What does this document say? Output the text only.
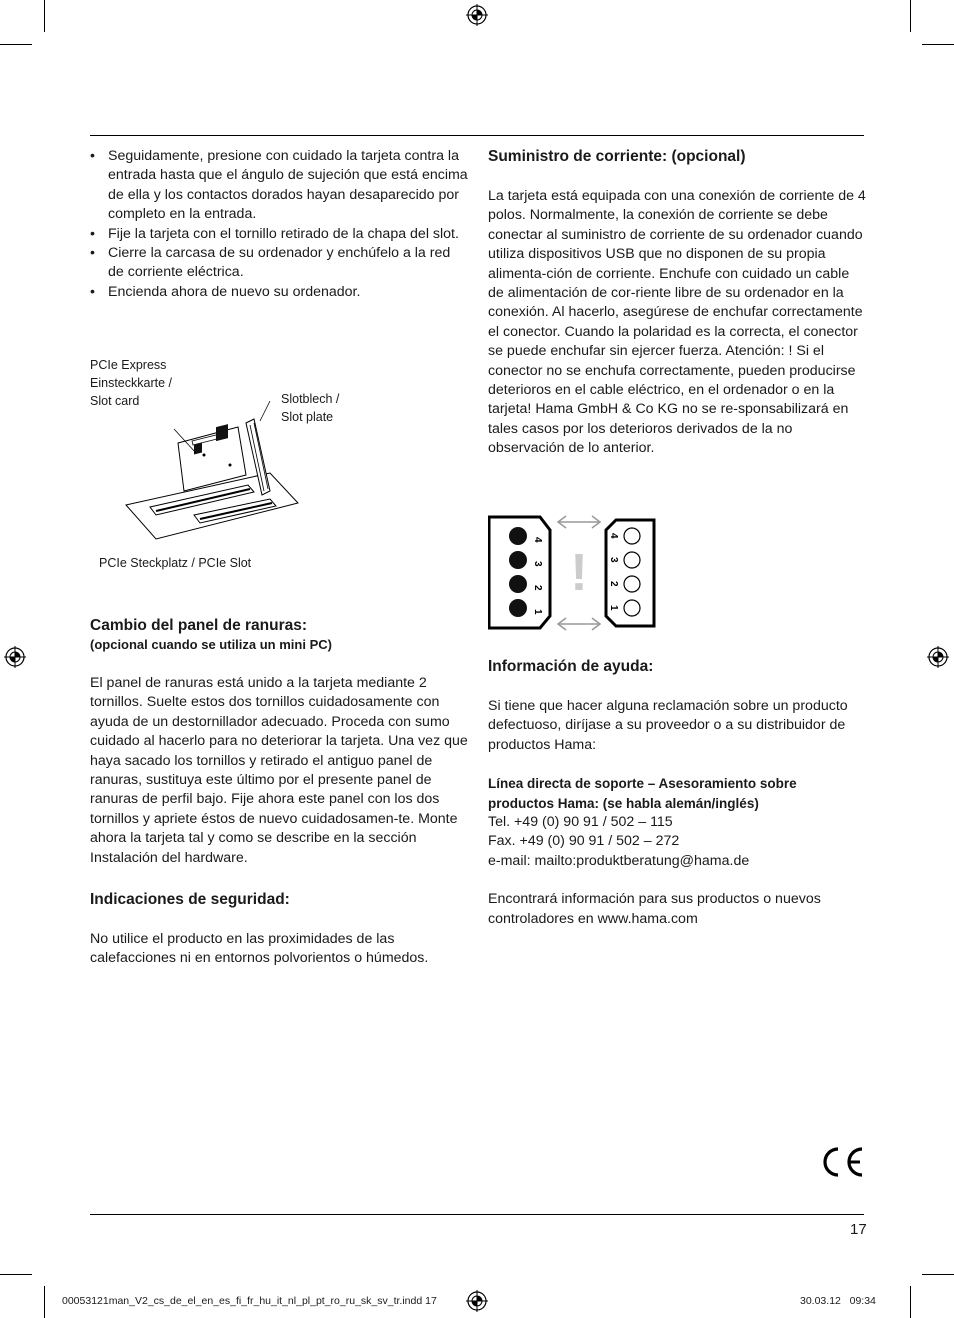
• Seguidamente, presione con cuidado la tarjeta contra la entrada hasta que el ángulo de sujeción que está encima de ella y los contactos dorados hayan desaparecido por completo en la entrada.
• Fije la tarjeta con el tornillo retirado de la chapa del slot.
• Cierre la carcasa de su ordenador y enchúfelo a la red de corriente eléctrica.
• Encienda ahora de nuevo su ordenador.
PCIe Express
Einsteckkarte /
Slot card	Slotblech /
Slot plate
PCIe Steckplatz / PCIe Slot
Cambio del panel de ranuras:
(opcional cuando se utiliza un mini PC)

El panel de ranuras está unido a la tarjeta mediante 2 tornillos. Suelte estos dos tornillos cuidadosamente con ayuda de un destornillador adecuado. Proceda con sumo cuidado al hacerlo para no deteriorar la tarjeta. Una vez que haya sacado los tornillos y retirado el antiguo panel de ranuras, sustituya este último por el presente panel de ranuras de perfil bajo. Fije ahora este panel con los dos tornillos y apriete éstos de nuevo cuidadosamen-te. Monte ahora la tarjeta tal y como se describe en la sección Instalación del hardware.

Indicaciones de seguridad:

No utilice el producto en las proximidades de las calefacciones ni en entornos polvorientos o húmedos.

Suministro de corriente: (opcional)

La tarjeta está equipada con una conexión de corriente de 4 polos. Normalmente, la conexión de corriente se debe conectar al suministro de corriente de su ordenador cuando utiliza dispositivos USB que no disponen de su propia alimenta-ción de corriente. Enchufe con cuidado un cable de alimentación de cor-riente libre de su ordenador en la conexión. Al hacerlo, asegúrese de enchufar correctamente el conector. Cuando la polaridad es la correcta, el conector se puede enchufar sin ejercer fuerza. Atención: ! Si el conector no se enchufa correctamente, pueden producirse deterioros en el cable eléctrico, en el ordenador o en la tarjeta! Hama GmbH & Co KG no se re-sponsabilizará en tales casos por los deterioros derivados de la no observación de lo anterior.

4
3
2
1
!
4
3
2
1
Información de ayuda:

Si tiene que hacer alguna reclamación sobre un producto defectuoso, diríjase a su proveedor o a su distribuidor de productos Hama:

Línea directa de soporte – Asesoramiento sobre
productos Hama: (se habla alemán/inglés)
Tel. +49 (0) 90 91 / 502 – 115
Fax. +49 (0) 90 91 / 502 – 272
e-mail: mailto:produktberatung@hama.de

Encontrará información para sus productos o nuevos controladores en www.hama.com

17
00053121man_V2_cs_de_el_en_es_fi_fr_hu_it_nl_pl_pt_ro_ru_sk_sv_tr.indd 17	30.03.12   09:34
